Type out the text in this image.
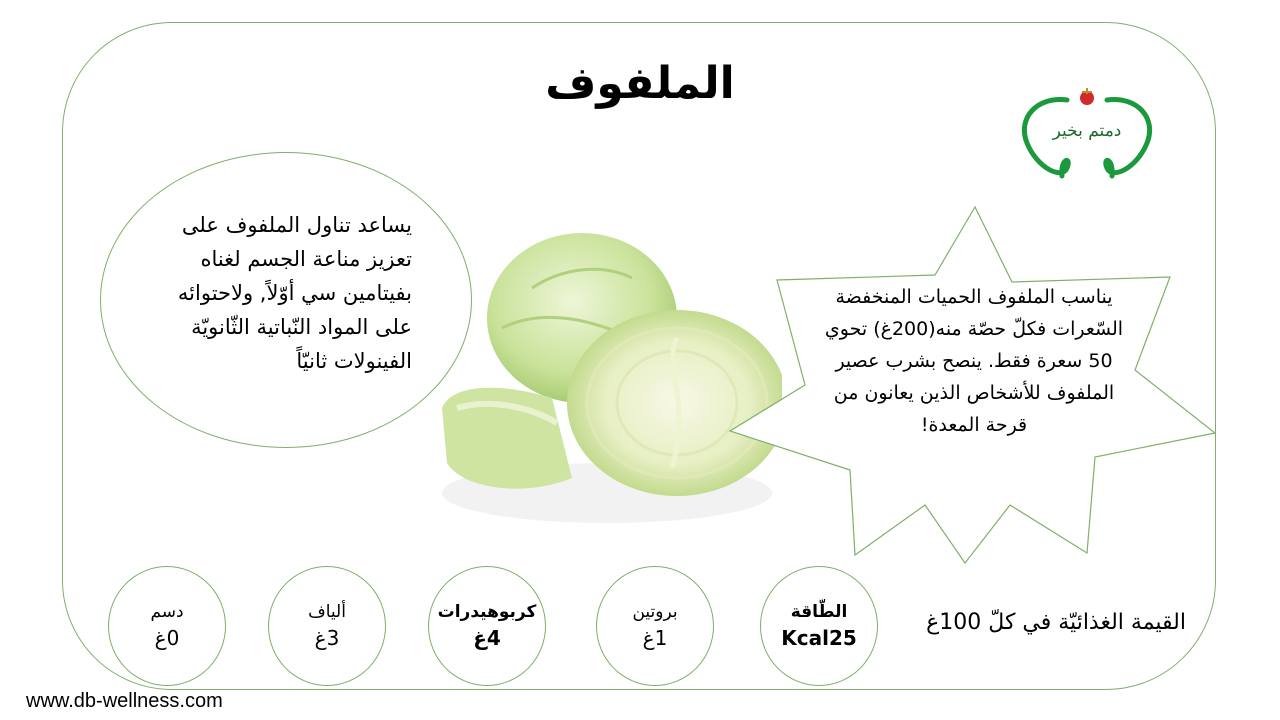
الملفوف
دمتم بخير

يساعد تناول الملفوف على تعزيز مناعة الجسم لغناه بفيتامين سي أوّلاً, ولاحتوائه على المواد النّباتية الثّانويّة الفينولات ثانيّاً

يناسب الملفوف الحميات المنخفضة السّعرات فكلّ حصّة منه(200غ) تحوي 50 سعرة فقط. ينصح بشرب عصير الملفوف للأشخاص الذين يعانون من قرحة المعدة!

الطّاقة
Kcal25
بروتين
1غ
كربوهيدرات
4غ
ألياف
3غ
دسم
0غ
القيمة الغذائيّة في كلّ 100غ
www.db-wellness.com
